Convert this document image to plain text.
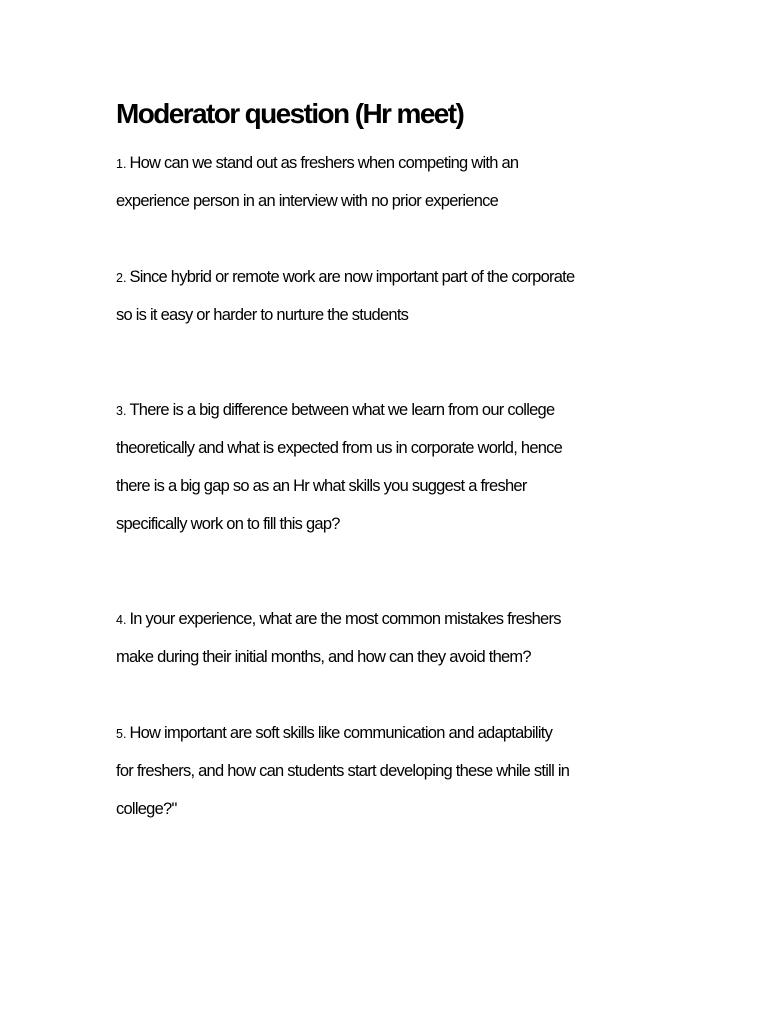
Moderator question (Hr meet)

1. How can we stand out as freshers when competing with an

experience person in an interview with no prior experience

2. Since hybrid or remote work are now important part of the corporate

so is it easy or harder to nurture the students

3. There is a big difference between what we learn from our college

theoretically and what is expected from us in corporate world, hence

there is a big gap so as an Hr what skills you suggest a fresher

specifically work on to fill this gap?

4. In your experience, what are the most common mistakes freshers

make during their initial months, and how can they avoid them?

5. How important are soft skills like communication and adaptability

for freshers, and how can students start developing these while still in

college?"
